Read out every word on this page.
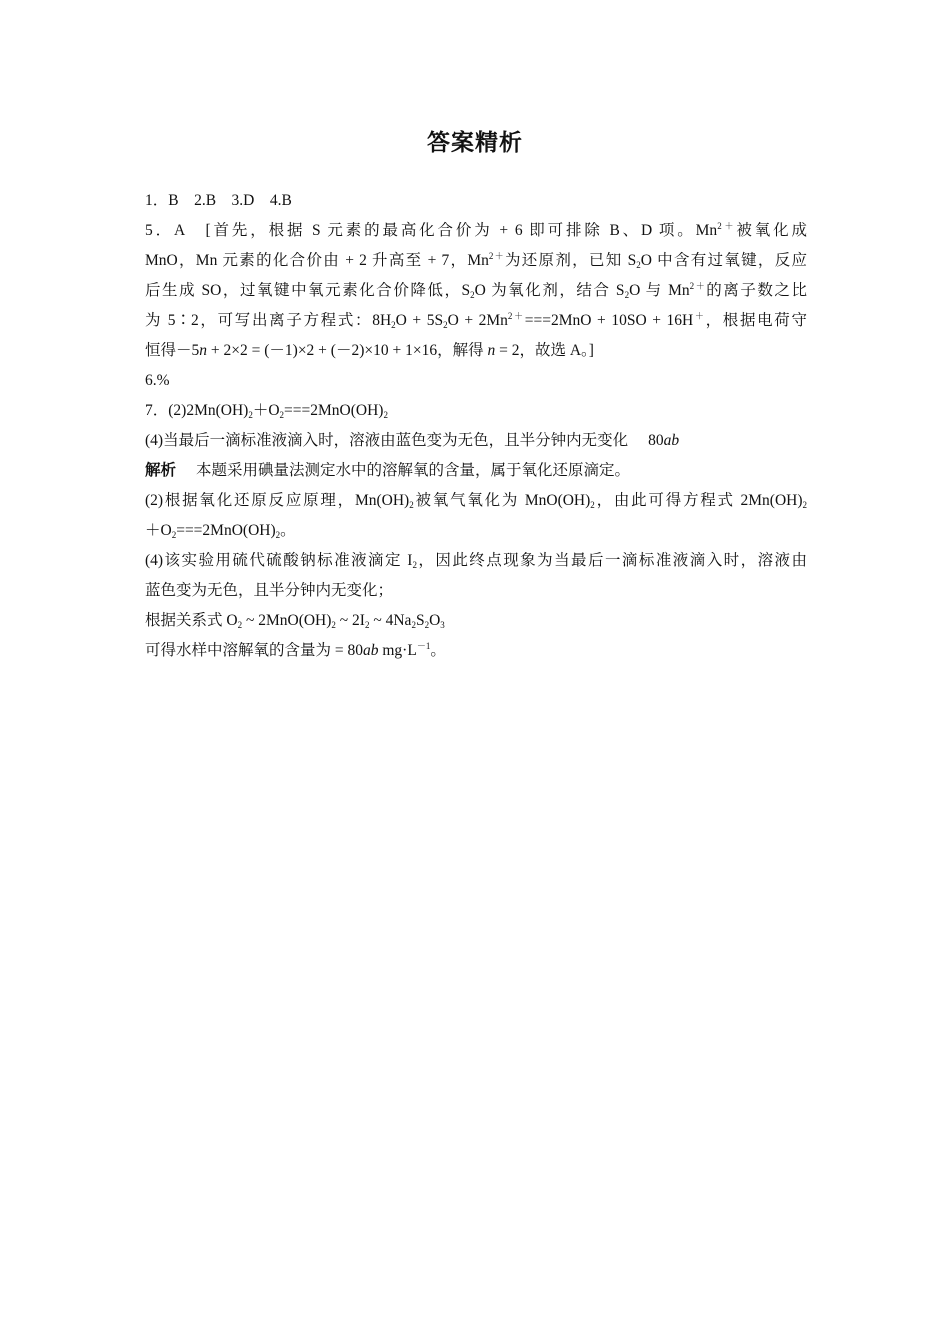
答案精析
1．B　2.B　3.D　4.B
5．A　[首先，根据 S 元素的最高化合价为 + 6 即可排除 B、D 项。$Mn^{2+}$被氧化成
MnO，Mn 元素的化合价由 + 2 升高至 + 7，$Mn^{2+}$为还原剂，已知 $S_2O$ 中含有过氧键，反应
后生成 SO，过氧键中氧元素化合价降低，$S_2O$ 为氧化剂，结合 $S_2O$ 与 $Mn^{2+}$的离子数之比
为 5∶2，可写出离子方程式：$8H_2O + 5S_2O + 2Mn^{2+}===2MnO + 10SO + 16H^+$，根据电荷守
恒得－5n + 2×2 = (－1)×2 + (－2)×10 + 1×16，解得 n = 2，故选 A。]
6.%
7．$(2)2Mn(OH)_2+O_2===2MnO(OH)_2$
(4)当最后一滴标准液滴入时，溶液由蓝色变为无色，且半分钟内无变化 80ab
解析 本题采用碘量法测定水中的溶解氧的含量，属于氧化还原滴定。
(2)根据氧化还原反应原理，$Mn(OH)_2$被氧气氧化为 $MnO(OH)_2$，由此可得方程式 $2Mn(OH)_2$
$+O_2===2MnO(OH)_2$。
(4)该实验用硫代硫酸钠标准液滴定 $I_2$，因此终点现象为当最后一滴标准液滴入时，溶液由
蓝色变为无色，且半分钟内无变化；
根据关系式 $O_2$ ~ $2MnO(OH)_2$ ~ $2I_2$ ~ $4Na_2S_2O_3$
可得水样中溶解氧的含量为 = 80ab $mg\cdot L^{-1}$。
